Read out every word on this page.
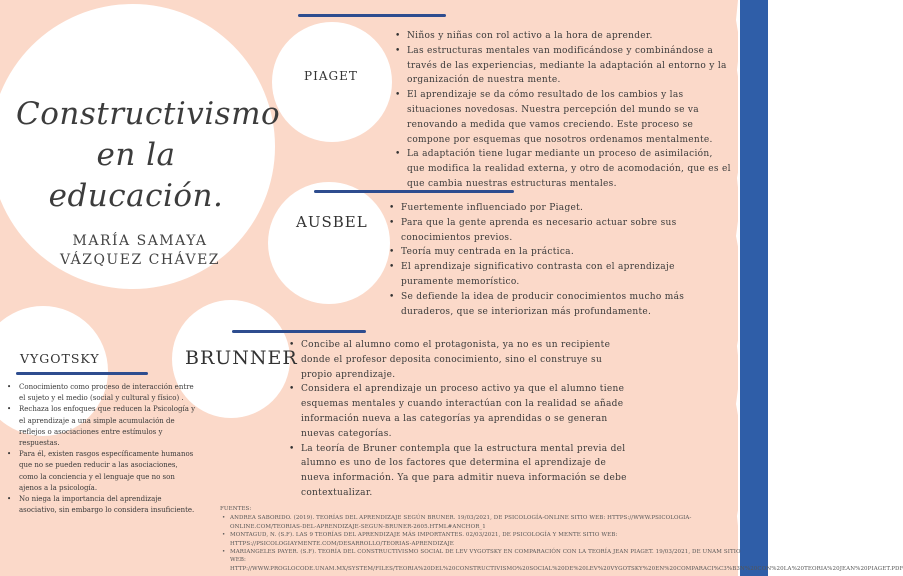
Constructivismo
en la
educación.
MARÍA SAMAYA
VÁZQUEZ CHÁVEZ
PIAGET
AUSBEL
VYGOTSKY	BRUNNER
• Niños y niñas con rol activo a la hora de aprender.
• Las estructuras mentales van modificándose y combinándose a través de las experiencias, mediante la adaptación al entorno y la organización de nuestra mente.
• El aprendizaje se da cómo resultado de los cambios y las situaciones novedosas. Nuestra percepción del mundo se va renovando a medida que vamos creciendo. Este proceso se compone por esquemas que nosotros ordenamos mentalmente.
• La adaptación tiene lugar mediante un proceso de asimilación, que modifica la realidad externa, y otro de acomodación, que es el que cambia nuestras estructuras mentales.
• Fuertemente influenciado por Piaget.
• Para que la gente aprenda es necesario actuar sobre sus conocimientos previos.
• Teoría muy centrada en la práctica.
• El aprendizaje significativo contrasta con el aprendizaje puramente memorístico.
• Se defiende la idea de producir conocimientos mucho más duraderos, que se interiorizan más profundamente.
• Concibe al alumno como el protagonista, ya no es un recipiente donde el profesor deposita conocimiento, sino el construye su propio aprendizaje.
• Considera el aprendizaje un proceso activo ya que el alumno tiene esquemas mentales y cuando interactúan con la realidad se añade información nueva a las categorías ya aprendidas o se generan nuevas categorías.
• La teoría de Bruner contempla que la estructura mental previa del alumno es uno de los factores que determina el aprendizaje de nueva información. Ya que para admitir nueva información se debe contextualizar.
• Conocimiento como proceso de interacción entre el sujeto y el medio (social y cultural y físico) .
• Rechaza los enfoques que reducen la Psicología y el aprendizaje a una simple acumulación de reflejos o asociaciones entre estímulos y respuestas.
• Para él, existen rasgos específicamente humanos que no se pueden reducir a las asociaciones, como la conciencia y el lenguaje que no son ajenos a la psicología.
• No niega la importancia del aprendizaje asociativo, sin embargo lo considera insuficiente.	FUENTES:
• ANDREA SABORIDO. (2019). TEORÍAS DEL APRENDIZAJE SEGÚN BRUNER. 19/03/2021, DE PSICOLOGÍA-ONLINE SITIO WEB: HTTPS://WWW.PSICOLOGIA-ONLINE.COM/TEORIAS-DEL-APRENDIZAJE-SEGUN-BRUNER-2605.HTML#ANCHOR_1
• MONTAGUD, N. (S.F). LAS 9 TEORÍAS DEL APRENDIZAJE MÁS IMPORTANTES. 02/03/2021, DE PSICOLOGÍA Y MENTE SITIO WEB: HTTPS://PSICOLOGIAYMENTE.COM/DESARROLLO/TEORIAS-APRENDIZAJE
• MARIANGELES PAYER. (S.F). TEORÍA DEL CONSTRUCTIVISMO SOCIAL DE LEV VYGOTSKY EN COMPARACIÓN CON LA TEORÍA JEAN PIAGET. 19/03/2021, DE UNAM SITIO WEB: HTTP://WWW.PROGLOCODE.UNAM.MX/SYSTEM/FILES/TEORIA%20DEL%20CONSTRUCTIVISMO%20SOCIAL%20DE%20LEV%20VYGOTSKY%20EN%20COMPARACI%C3%B3N%20CON%20LA%20TEORIA%20JEAN%20PIAGET.PDF
